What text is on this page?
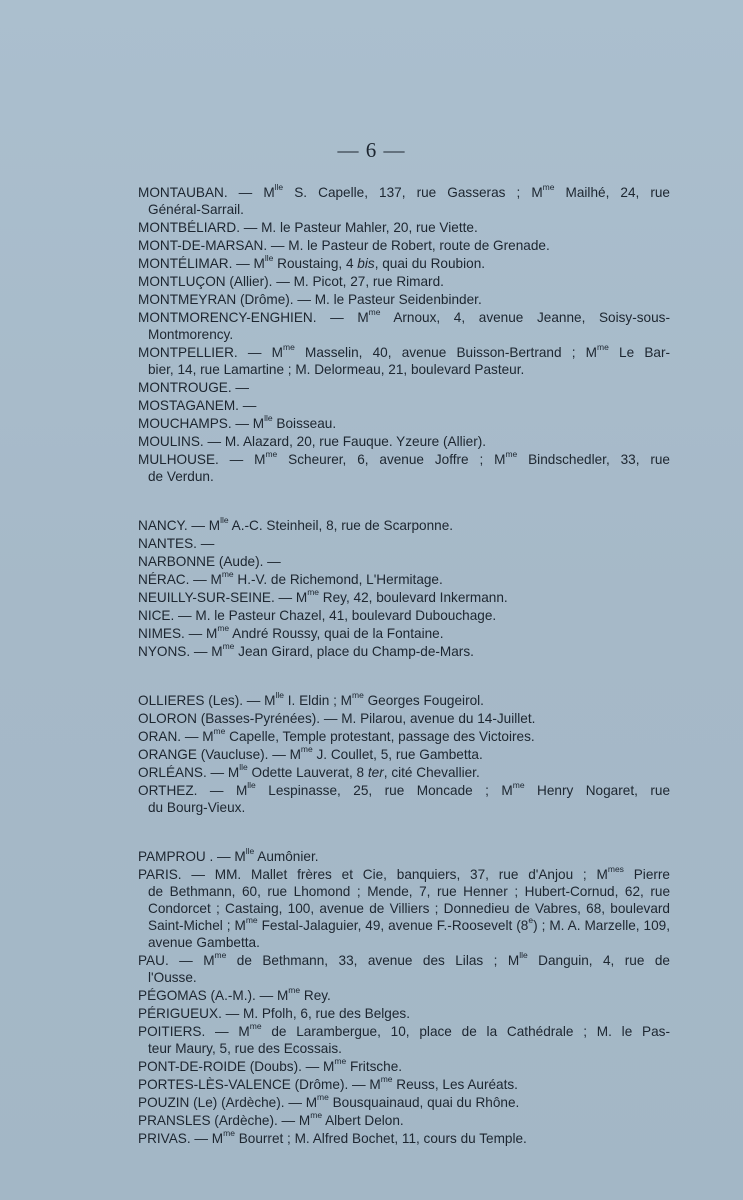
— 6 —
MONTAUBAN. — $M^{lle}$ S. Capelle, 137, rue Gasseras ; $M^{me}$ Mailhé, 24, rue
Général-Sarrail.
MONTBÉLIARD. — M. le Pasteur Mahler, 20, rue Viette.
MONT-DE-MARSAN. — M. le Pasteur de Robert, route de Grenade.
MONTÉLIMAR. — $M^{lle}$ Roustaing, 4 bis, quai du Roubion.
MONTLUÇON (Allier). — M. Picot, 27, rue Rimard.
MONTMEYRAN (Drôme). — M. le Pasteur Seidenbinder.
MONTMORENCY-ENGHIEN. — $M^{me}$ Arnoux, 4, avenue Jeanne, Soisy-sous-
Montmorency.
MONTPELLIER. — $M^{me}$ Masselin, 40, avenue Buisson-Bertrand ; $M^{me}$ Le Bar-
bier, 14, rue Lamartine ; M. Delormeau, 21, boulevard Pasteur.
MONTROUGE. —
MOSTAGANEM. —
MOUCHAMPS. — $M^{lle}$ Boisseau.
MOULINS. — M. Alazard, 20, rue Fauque. Yzeure (Allier).
MULHOUSE. — $M^{me}$ Scheurer, 6, avenue Joffre ; $M^{me}$ Bindschedler, 33, rue
de Verdun.
NANCY. — $M^{lle}$ A.-C. Steinheil, 8, rue de Scarponne.
NANTES. —
NARBONNE (Aude). —
NÉRAC. — $M^{me}$ H.-V. de Richemond, L'Hermitage.
NEUILLY-SUR-SEINE. — $M^{me}$ Rey, 42, boulevard Inkermann.
NICE. — M. le Pasteur Chazel, 41, boulevard Dubouchage.
NIMES. — $M^{me}$ André Roussy, quai de la Fontaine.
NYONS. — $M^{me}$ Jean Girard, place du Champ-de-Mars.
OLLIERES (Les). — $M^{lle}$ I. Eldin ; $M^{me}$ Georges Fougeirol.
OLORON (Basses-Pyrénées). — M. Pilarou, avenue du 14-Juillet.
ORAN. — $M^{me}$ Capelle, Temple protestant, passage des Victoires.
ORANGE (Vaucluse). — $M^{me}$ J. Coullet, 5, rue Gambetta.
ORLÉANS. — $M^{lle}$ Odette Lauverat, 8 ter, cité Chevallier.
ORTHEZ. — $M^{lle}$ Lespinasse, 25, rue Moncade ; $M^{me}$ Henry Nogaret, rue
du Bourg-Vieux.
PAMPROU . — $M^{lle}$ Aumônier.
PARIS. — MM. Mallet frères et Cie, banquiers, 37, rue d'Anjou ; $M^{mes}$ Pierre
de Bethmann, 60, rue Lhomond ; Mende, 7, rue Henner ; Hubert-Cornud, 62, rue Condorcet ; Castaing, 100, avenue de Villiers ; Donnedieu de Vabres, 68, boulevard Saint-Michel ; $M^{me}$ Festal-Jalaguier, 49, avenue F.-Roosevelt (8e) ; M. A. Marzelle, 109, avenue Gambetta.
PAU. — $M^{me}$ de Bethmann, 33, avenue des Lilas ; $M^{lle}$ Danguin, 4, rue de
l'Ousse.
PÉGOMAS (A.-M.). — $M^{me}$ Rey.
PÉRIGUEUX. — M. Pfolh, 6, rue des Belges.
POITIERS. — $M^{me}$ de Larambergue, 10, place de la Cathédrale ; M. le Pas-
teur Maury, 5, rue des Ecossais.
PONT-DE-ROIDE (Doubs). — $M^{me}$ Fritsche.
PORTES-LÈS-VALENCE (Drôme). — $M^{me}$ Reuss, Les Auréats.
POUZIN (Le) (Ardèche). — $M^{me}$ Bousquainaud, quai du Rhône.
PRANSLES (Ardèche). — $M^{me}$ Albert Delon.
PRIVAS. — $M^{me}$ Bourret ; M. Alfred Bochet, 11, cours du Temple.
